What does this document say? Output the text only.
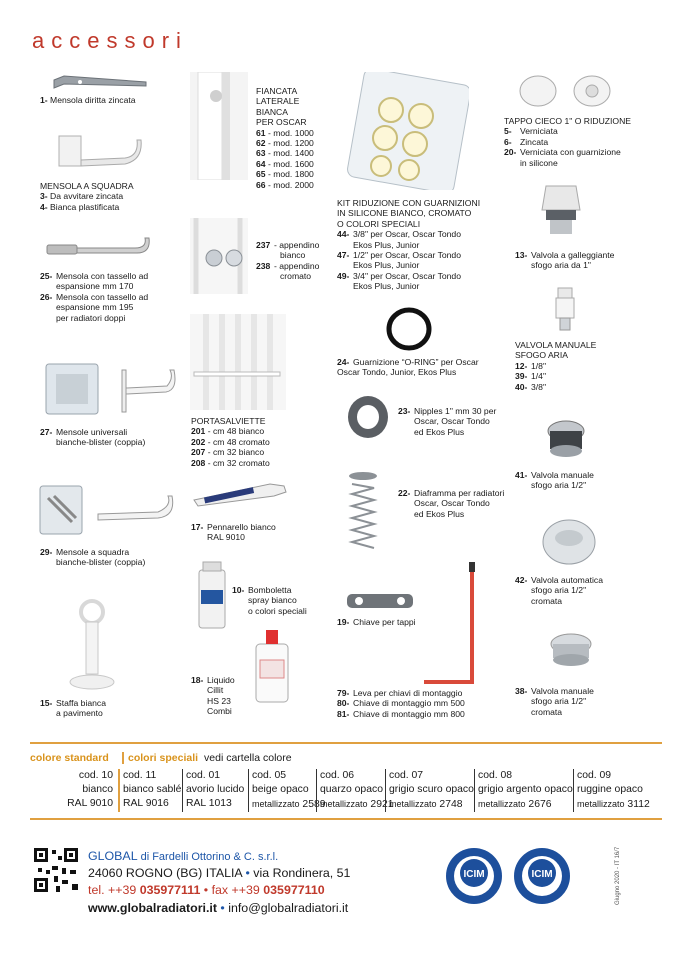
accessori
1- Mensola diritta zincata
MENSOLA A SQUADRA
3- Da avvitare zincata
4- Bianca plastificata
25- Mensola con tassello ad
espansione mm 170
26- Mensola con tassello ad
espansione mm 195
per radiatori doppi
27- Mensole universali
bianche-blister (coppia)
29- Mensole a squadra
bianche-blister (coppia)
15- Staffa bianca
a pavimento
FIANCATA
LATERALE
BIANCA
PER OSCAR
61 - mod. 1000
62 - mod. 1200
63 - mod. 1400
64 - mod. 1600
65 - mod. 1800
66 - mod. 2000
237 - appendino
bianco
238 - appendino
cromato
PORTASALVIETTE
201 - cm 48 bianco
202 - cm 48 cromato
207 - cm 32 bianco
208 - cm 32 cromato
17- Pennarello bianco
RAL 9010
10- Bomboletta
spray bianco
o colori speciali
18- Liquido
Cillit
HS 23
Combi
KIT RIDUZIONE CON GUARNIZIONI
IN SILICONE BIANCO, CROMATO
O COLORI SPECIALI
44- 3/8" per Oscar, Oscar Tondo
Ekos Plus, Junior
47- 1/2" per Oscar, Oscar Tondo
Ekos Plus, Junior
49- 3/4" per Oscar, Oscar Tondo
Ekos Plus, Junior
24- Guarnizione “O-RING” per Oscar
Oscar Tondo, Junior, Ekos Plus
23- Nipples 1" mm 30 per
Oscar, Oscar Tondo
ed Ekos Plus
22- Diaframma per radiatori
Oscar, Oscar Tondo
ed Ekos Plus
19- Chiave per tappi
79- Leva per chiavi di montaggio
80- Chiave di montaggio mm 500
81- Chiave di montaggio mm 800
TAPPO CIECO 1" O RIDUZIONE
5- Verniciata
6- Zincata
20- Verniciata con guarnizione
in silicone
13- Valvola a galleggiante
sfogo aria da 1"
VALVOLA MANUALE
SFOGO ARIA
12- 1/8"
39- 1/4"
40- 3/8"
41- Valvola manuale
sfogo aria 1/2"
42- Valvola automatica
sfogo aria 1/2"
cromata
38- Valvola manuale
sfogo aria 1/2"
cromata
colore standard	colori speciali vedi cartella colore
cod. 10
bianco
RAL 9010
cod. 11
bianco sablé
RAL 9016
cod. 01
avorio lucido
RAL 1013
cod. 05
beige opaco
metallizzato 2589
cod. 06
quarzo opaco
metallizzato 2921
cod. 07
grigio scuro opaco
metallizzato 2748
cod. 08
grigio argento opaco
metallizzato 2676
cod. 09
ruggine opaco
metallizzato 3112
GLOBAL di Fardelli Ottorino & C. s.r.l.
24060 ROGNO (BG) ITALIA • via Rondinera, 51
tel. ++39 035977111 • fax ++39 035977110
www.globalradiatori.it • info@globalradiatori.it
ICIM	ICIM	Giugno 2020 - IT 16/7
